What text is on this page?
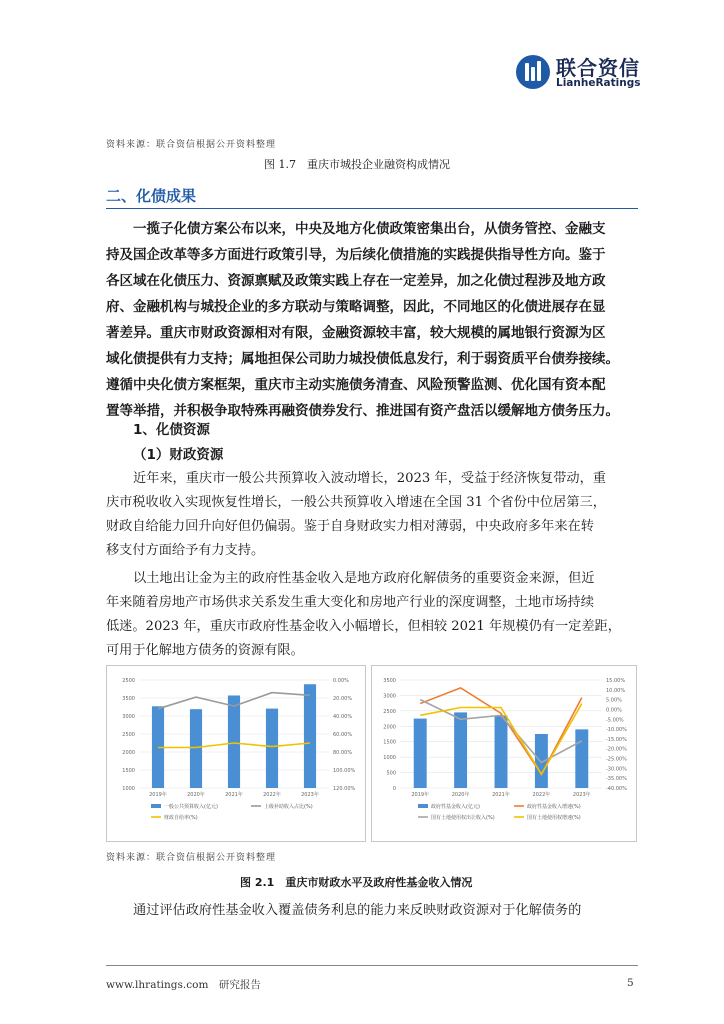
联合资信
LianheRatings
资料来源：联合资信根据公开资料整理
图 1.7　重庆市城投企业融资构成情况
二、化债成果
一揽子化债方案公布以来，中央及地方化债政策密集出台，从债务管控、金融支
持及国企改革等多方面进行政策引导，为后续化债措施的实践提供指导性方向。鉴于
各区域在化债压力、资源禀赋及政策实践上存在一定差异，加之化债过程涉及地方政
府、金融机构与城投企业的多方联动与策略调整，因此，不同地区的化债进展存在显
著差异。重庆市财政资源相对有限，金融资源较丰富，较大规模的属地银行资源为区
域化债提供有力支持；属地担保公司助力城投债低息发行，利于弱资质平台债券接续。
遵循中央化债方案框架，重庆市主动实施债务清查、风险预警监测、优化国有资本配
置等举措，并积极争取特殊再融资债券发行、推进国有资产盘活以缓解地方债务压力。
1、化债资源
（1）财政资源
近年来，重庆市一般公共预算收入波动增长，2023 年，受益于经济恢复带动，重
庆市税收收入实现恢复性增长，一般公共预算收入增速在全国 31 个省份中位居第三，
财政自给能力回升向好但仍偏弱。鉴于自身财政实力相对薄弱，中央政府多年来在转
移支付方面给予有力支持。
以土地出让金为主的政府性基金收入是地方政府化解债务的重要资金来源，但近
年来随着房地产市场供求关系发生重大变化和房地产行业的深度调整，土地市场持续
低迷。2023 年，重庆市政府性基金收入小幅增长，但相较 2021 年规模仍有一定差距，
可用于化解地方债务的资源有限。
1000
1500
2000
2500
3000
3500
2500	0.00%
20.00%
40.00%
60.00%
80.00%
100.00%
120.00%
2019年	2020年	2021年	2022年	2023年
一般公共预算收入(亿元)	上级补助收入占比(%)
财政自给率(%)
0
500
1000
1500
2000
2500
3000
3500	15.00%
10.00%
5.00%
0.00%
-5.00%
-10.00%
-15.00%
-20.00%
-25.00%
-30.00%
-35.00%
-40.00%
2019年	2020年	2021年	2022年	2023年
政府性基金收入(亿元)	政府性基金收入增速(%)
国有土地使用权出让收入(%)	国有土地使用权增速(%)
资料来源：联合资信根据公开资料整理
图 2.1　重庆市财政水平及政府性基金收入情况
通过评估政府性基金收入覆盖债务利息的能力来反映财政资源对于化解债务的
www.lhratings.com　研究报告	5
